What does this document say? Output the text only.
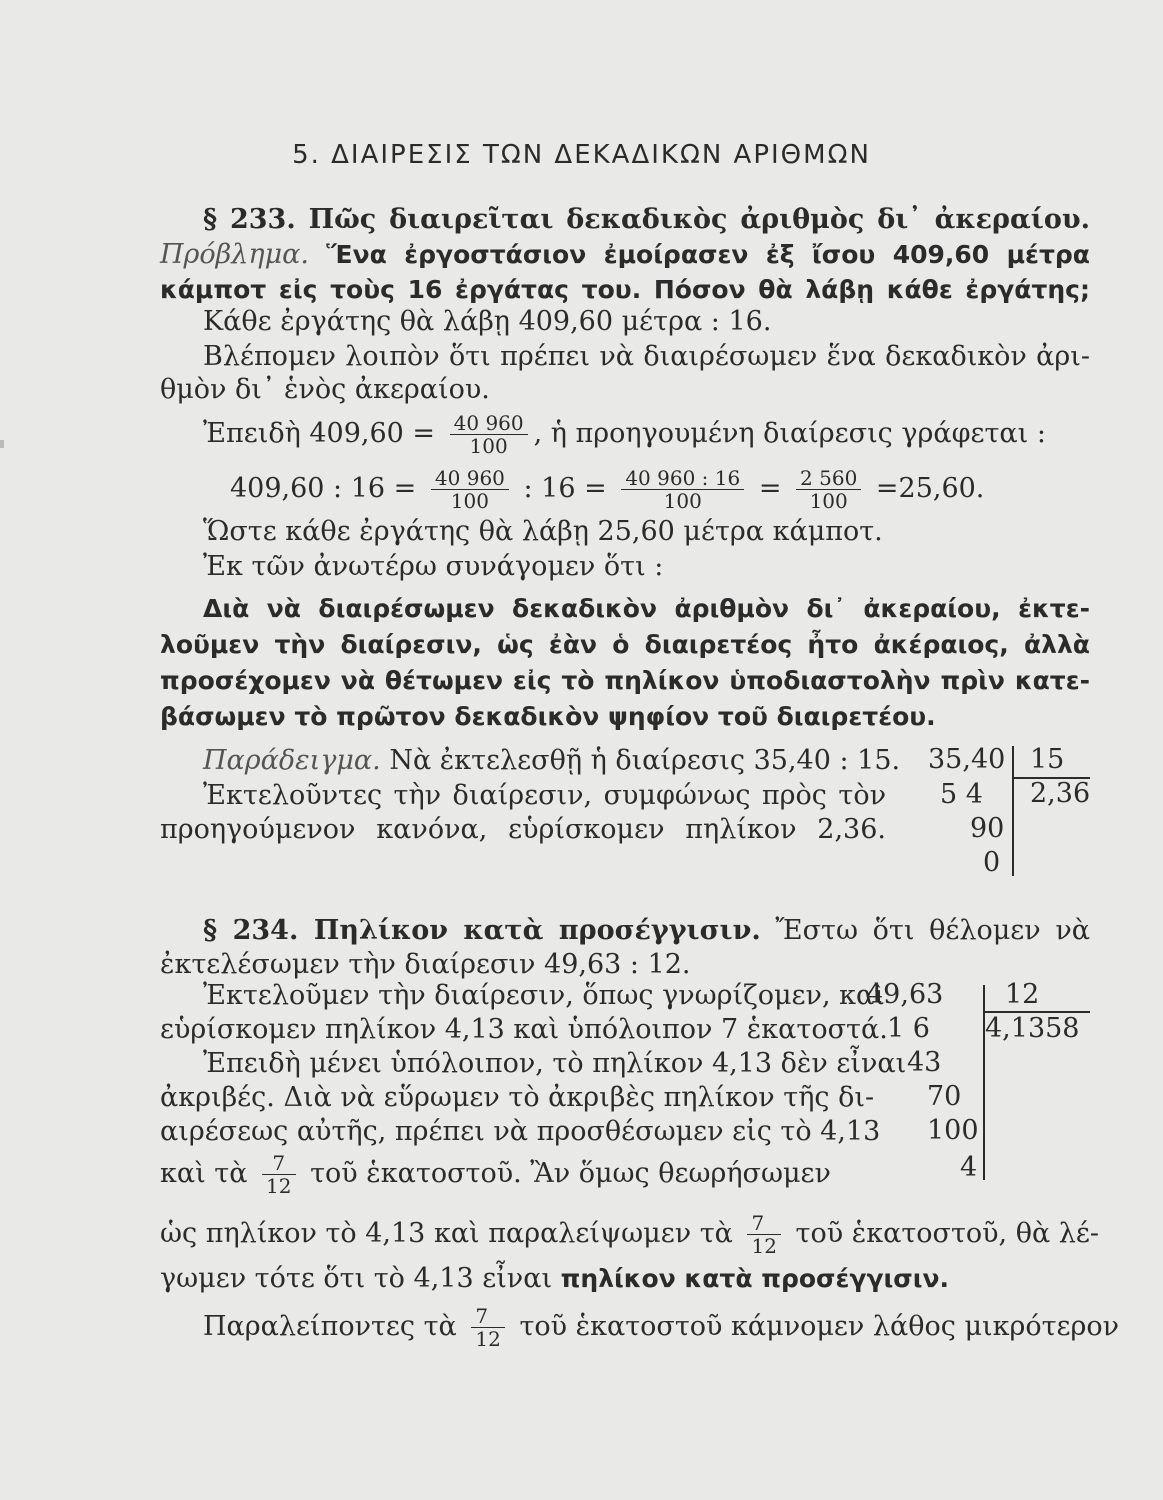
5. ΔΙΑΙΡΕΣΙΣ ΤΩΝ ΔΕΚΑΔΙΚΩΝ ΑΡΙΘΜΩΝ
§ 233. Πῶς διαιρεῖται δεκαδικὸς ἀριθμὸς δι᾽ ἀκεραίου.
Πρόβλημα. Ἕνα ἐργοστάσιον ἐμοίρασεν ἐξ ἴσου 409,60 μέτρα
κάμποτ εἰς τοὺς 16 ἐργάτας του. Πόσον θὰ λάβῃ κάθε ἐργάτης;
Κάθε ἐργάτης θὰ λάβῃ 409,60 μέτρα : 16.
Βλέπομεν λοιπὸν ὅτι πρέπει νὰ διαιρέσωμεν ἕνα δεκαδικὸν ἀρι-
θμὸν δι᾽ ἑνὸς ἀκεραίου.
Ἐπειδὴ $409,60 = \frac{40 960}{100}$ , ἡ προηγουμένη διαίρεσις γράφεται :
409,60 : $16 = \frac{40 960}{100}$ : $16 = \frac{40 960 : 16}{100} = \frac{2 560}{100} =25,60$.
Ὥστε κάθε ἐργάτης θὰ λάβῃ 25,60 μέτρα κάμποτ.
Ἐκ τῶν ἀνωτέρω συνάγομεν ὅτι :
Διὰ νὰ διαιρέσωμεν δεκαδικὸν ἀριθμὸν δι᾽ ἀκεραίου, ἐκτε-
λοῦμεν τὴν διαίρεσιν, ὡς ἐὰν ὁ διαιρετέος ἦτο ἀκέραιος, ἀλλὰ
προσέχομεν νὰ θέτωμεν εἰς τὸ πηλίκον ὑποδιαστολὴν πρὶν κατε-
βάσωμεν τὸ πρῶτον δεκαδικὸν ψηφίον τοῦ διαιρετέου.
Παράδειγμα. Νὰ ἐκτελεσθῇ ἡ διαίρεσις 35,40 : 15.
Ἐκτελοῦντες τὴν διαίρεσιν, συμφώνως πρὸς τὸν
προηγούμενον κανόνα, εὑρίσκομεν πηλίκον 2,36.
35,40 15
2,36
5 4
90
0
§ 234. Πηλίκον κατὰ προσέγγισιν. Ἔστω ὅτι θέλομεν νὰ
ἐκτελέσωμεν τὴν διαίρεσιν 49,63 : 12.
Ἐκτελοῦμεν τὴν διαίρεσιν, ὅπως γνωρίζομεν, καὶ
εὑρίσκομεν πηλίκον 4,13 καὶ ὑπόλοιπον 7 ἑκατοστά.
Ἐπειδὴ μένει ὑπόλοιπον, τὸ πηλίκον 4,13 δὲν εἶναι
ἀκριβές. Διὰ νὰ εὕρωμεν τὸ ἀκριβὲς πηλίκον τῆς δι-
αιρέσεως αὐτῆς, πρέπει νὰ προσθέσωμεν εἰς τὸ 4,13
καὶ τὰ $\frac{7}{12}$ τοῦ ἑκατοστοῦ. Ἂν ὅμως θεωρήσωμεν
49,63 12
4,1358
1 6
43
70
100
4
ὡς πηλίκον τὸ 4,13 καὶ παραλείψωμεν τὰ $\frac{7}{12}$ τοῦ ἑκατοστοῦ, θὰ λέ-
γωμεν τότε ὅτι τὸ 4,13 εἶναι πηλίκον κατὰ προσέγγισιν.
Παραλείποντες τὰ $\frac{7}{12}$ τοῦ ἑκατοστοῦ κάμνομεν λάθος μικρότερον
